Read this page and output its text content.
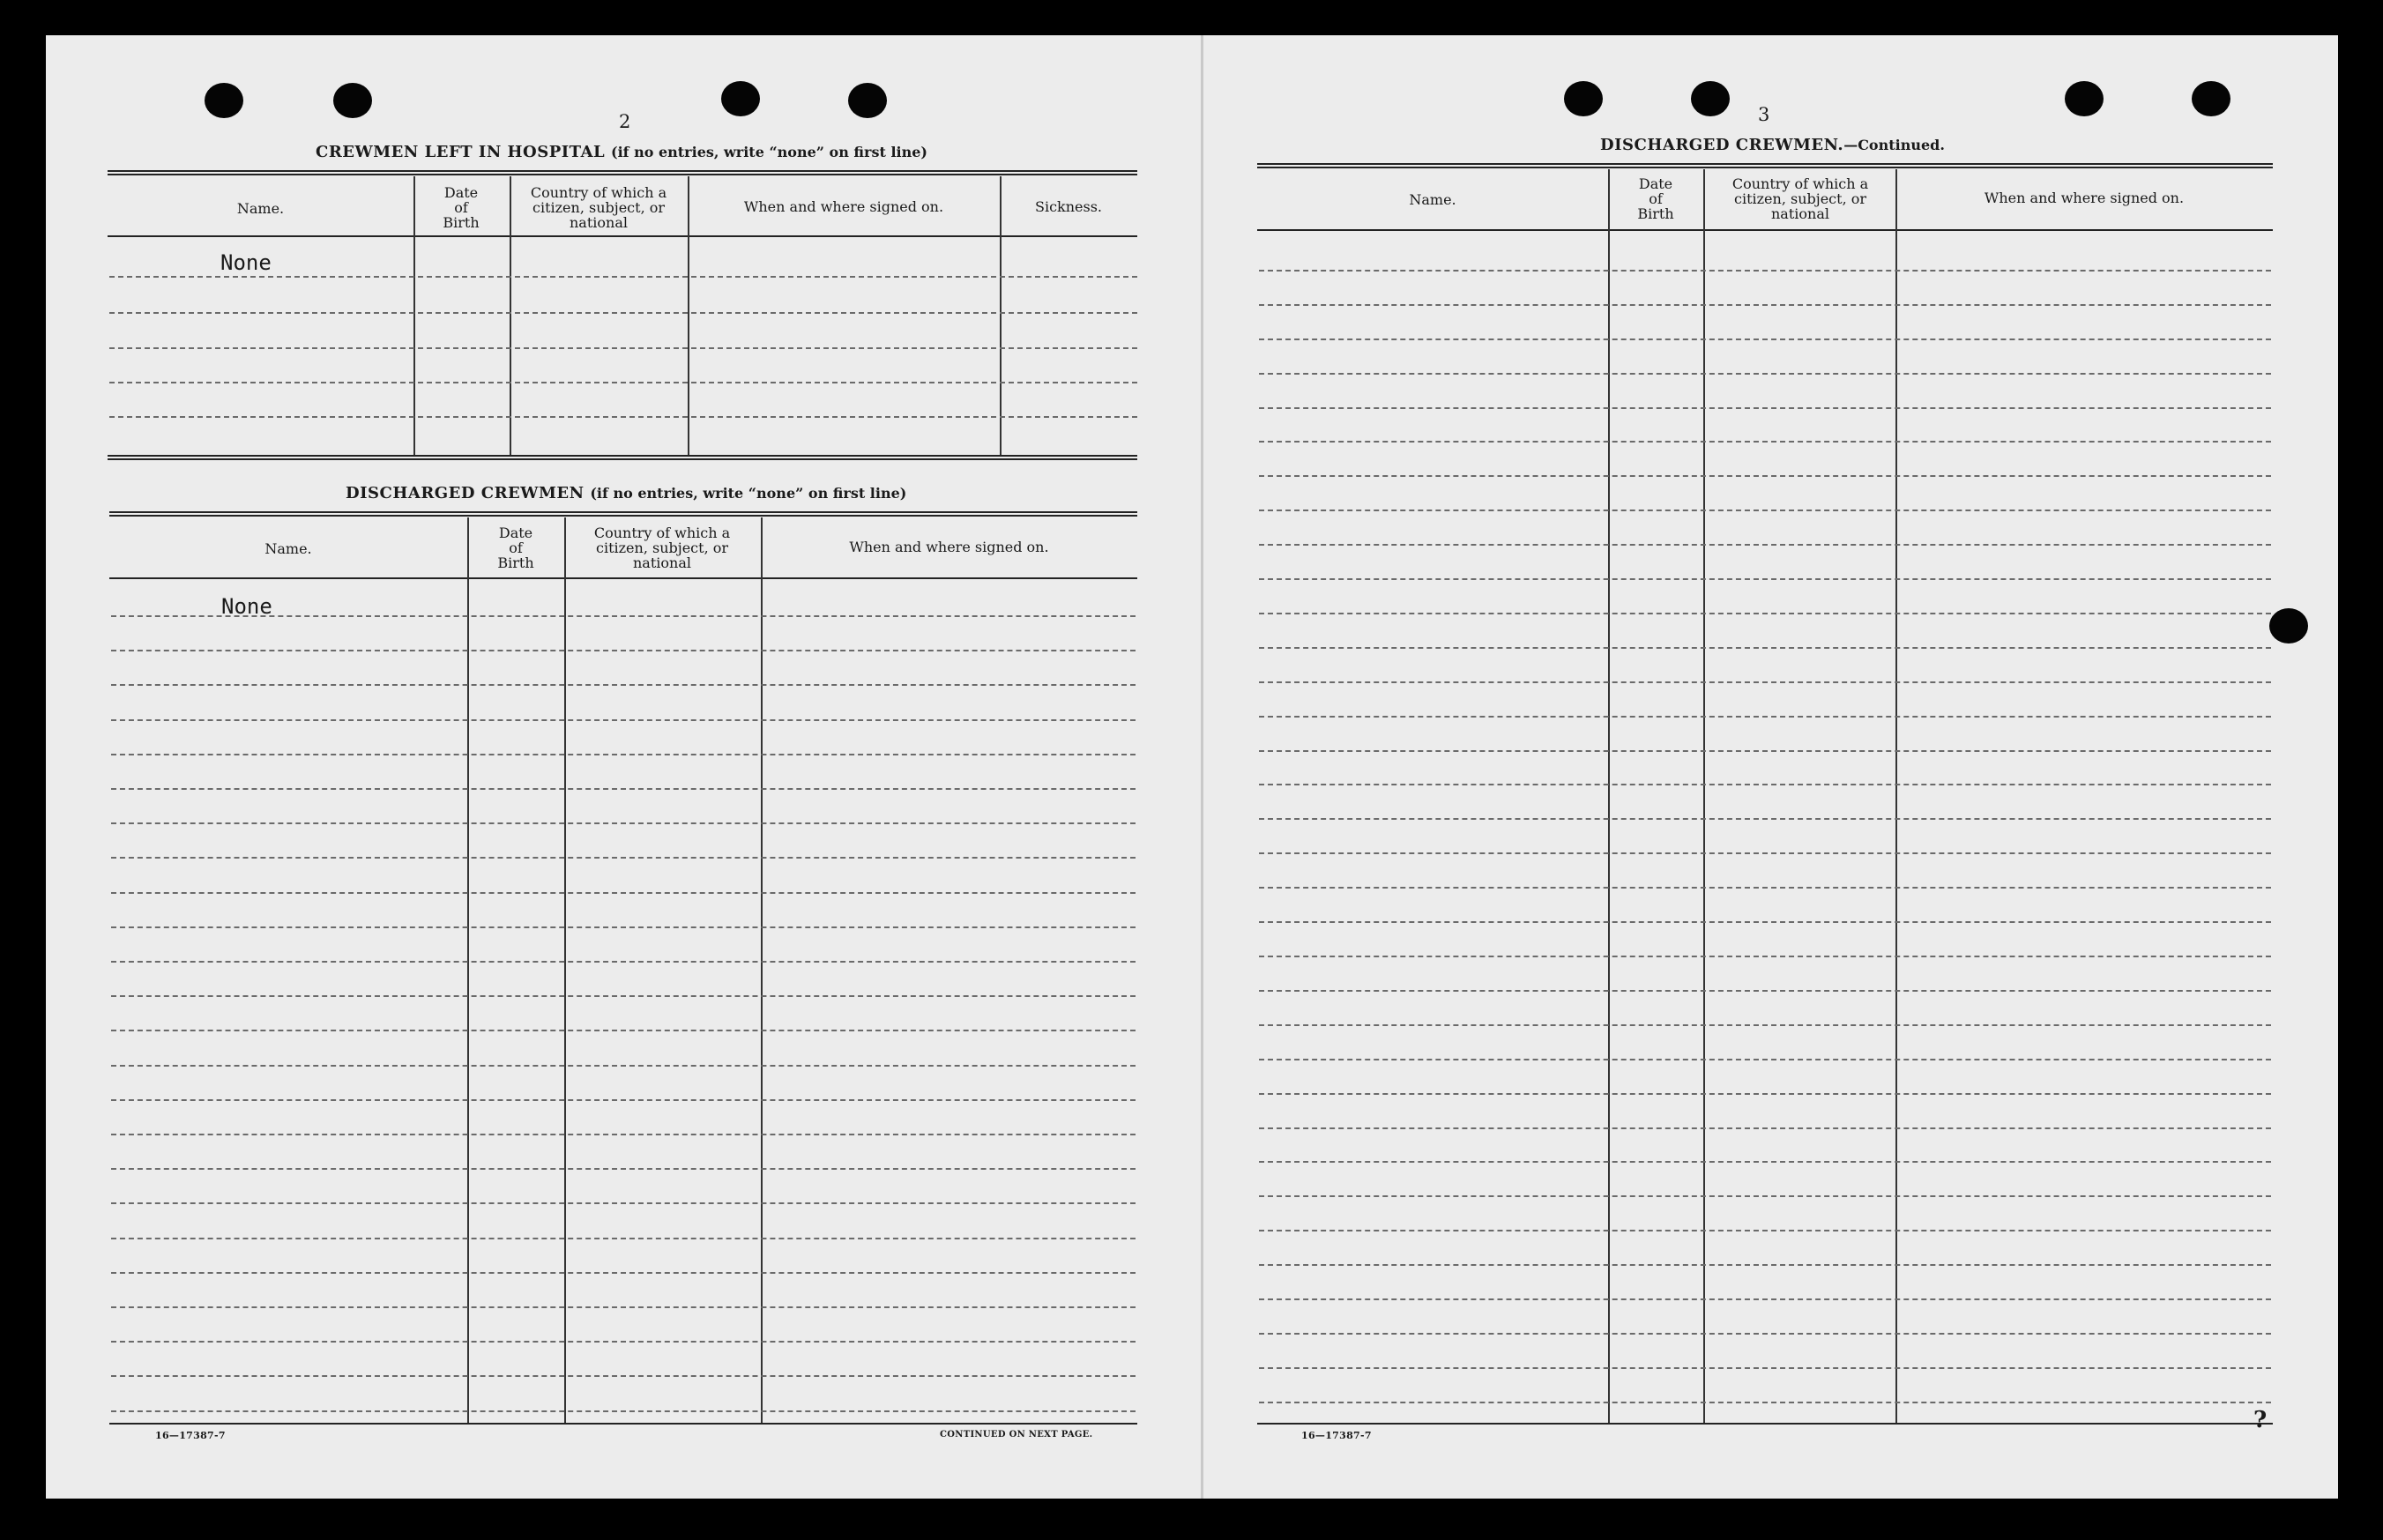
2
CREWMEN LEFT IN HOSPITAL (if no entries, write “none” on first line)
Name.
Date of Birth
Country of which a citizen, subject, or national
When and where signed on.	Sickness.
None
DISCHARGED CREWMEN (if no entries, write “none” on first line)
Name.
Date of Birth
Country of which a citizen, subject, or national
When and where signed on.
None
16—17387-7	CONTINUED ON NEXT PAGE.
3
DISCHARGED CREWMEN.—Continued.
Name.
Date of Birth
Country of which a citizen, subject, or national
When and where signed on.
16—17387-7
?
